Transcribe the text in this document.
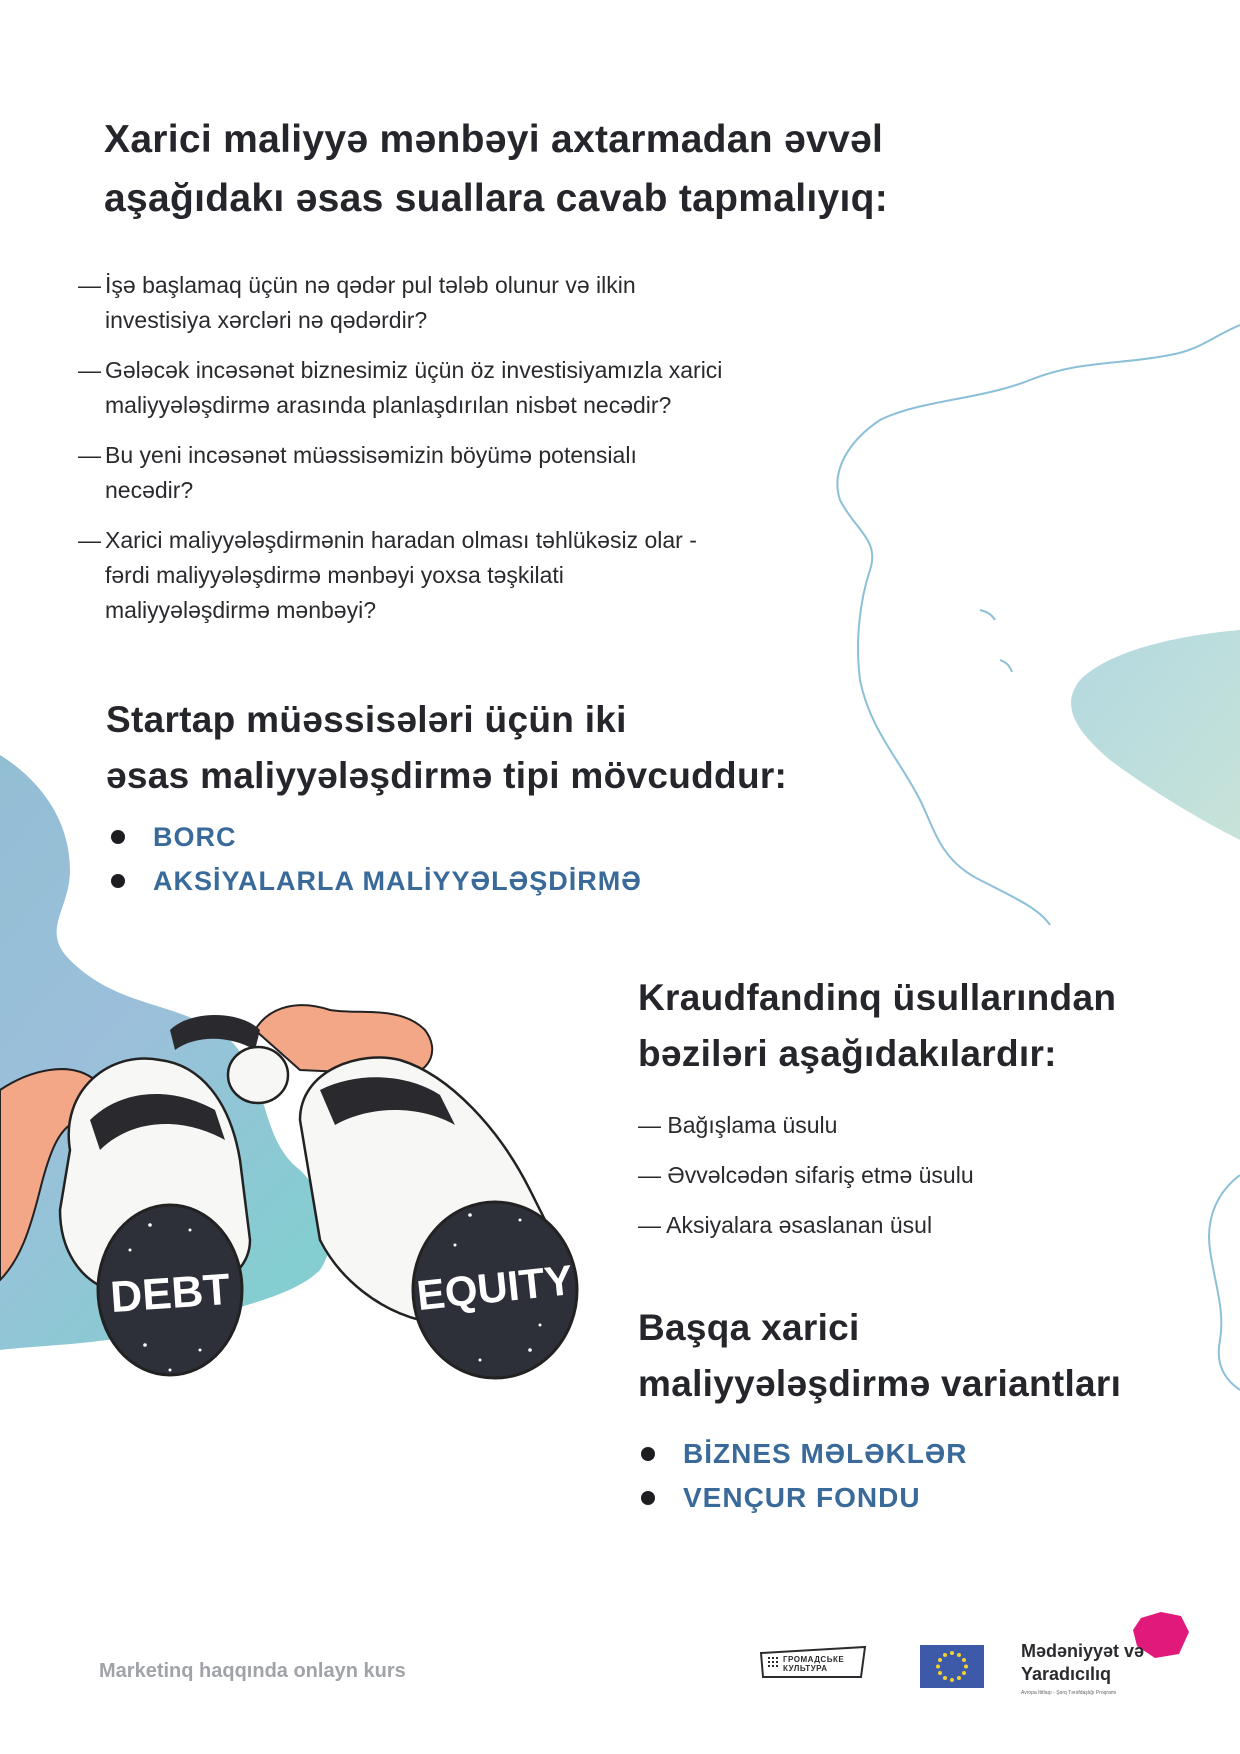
DEBT	EQUITY
Xarici maliyyə mənbəyi axtarmadan əvvəl
aşağıdakı əsas suallara cavab tapmalıyıq:
— İşə başlamaq üçün nə qədər pul tələb olunur və ilkin
investisiya xərcləri nə qədərdir?
— Gələcək incəsənət biznesimiz üçün öz investisiyamızla xarici
maliyyələşdirmə arasında planlaşdırılan nisbət necədir?
— Bu yeni incəsənət müəssisəmizin böyümə potensialı
necədir?
— Xarici maliyyələşdirmənin haradan olması təhlükəsiz olar -
fərdi maliyyələşdirmə mənbəyi yoxsa təşkilati
maliyyələşdirmə mənbəyi?
Startap müəssisələri üçün iki
əsas maliyyələşdirmə tipi mövcuddur:
BORC
AKSİYALARLA MALİYYƏLƏŞDİRMƏ
Kraudfandinq üsullarından
bəziləri aşağıdakılardır:
— Bağışlama üsulu
— Əvvəlcədən sifariş etmə üsulu
— Aksiyalara əsaslanan üsul
Başqa xarici
maliyyələşdirmə variantları
BİZNES MƏLƏKLƏR
VENÇUR FONDU
Marketinq haqqında onlayn kurs
ГРОМАДСЬКЕ
КУЛЬТУРА
Mədəniyyət və
Yaradıcılıq
Avropa İttifaqı - Şərq Tərəfdaşlığı Proqramı
